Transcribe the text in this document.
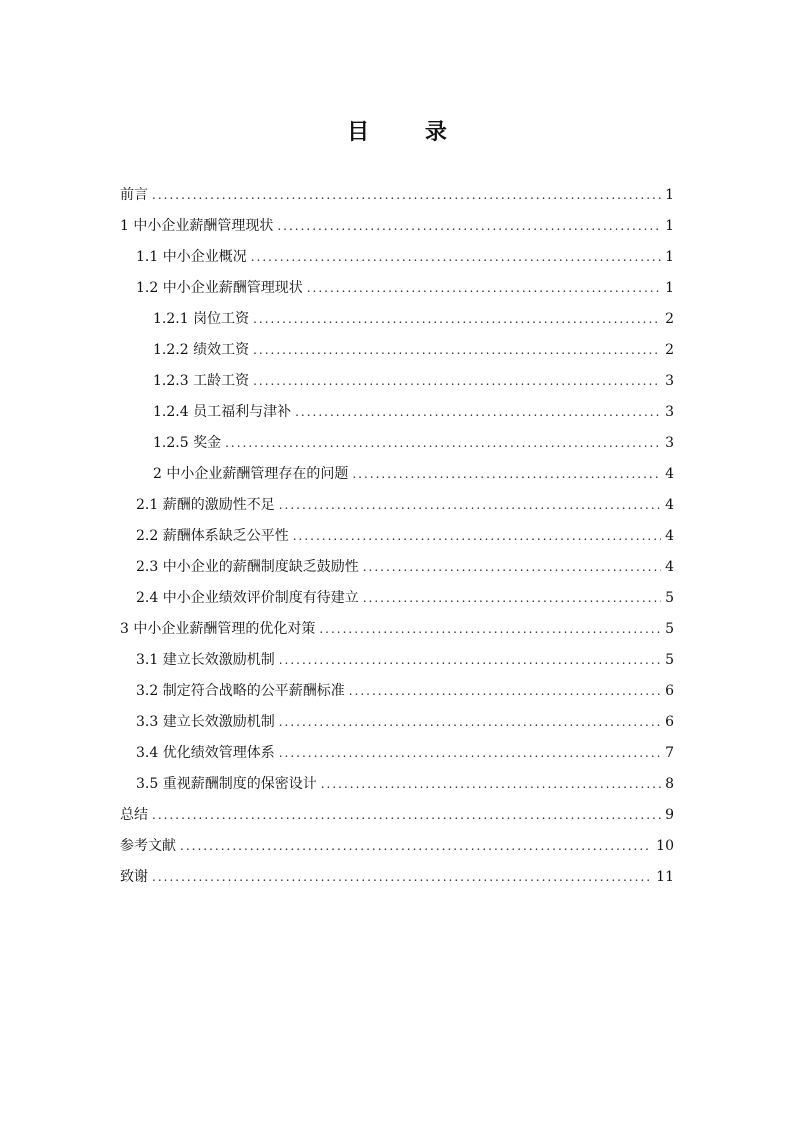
目 录
前言 .....	1
1 中小企业薪酬管理现状 .....	1
1.1 中小企业概况 .....	1
1.2 中小企业薪酬管理现状 .....	1
1.2.1 岗位工资 .....	2
1.2.2 绩效工资 .....	2
1.2.3 工龄工资 .....	3
1.2.4 员工福利与津补 .....	3
1.2.5 奖金 .....	3
2 中小企业薪酬管理存在的问题 .....	4
2.1 薪酬的激励性不足 .....	4
2.2 薪酬体系缺乏公平性 .....	4
2.3 中小企业的薪酬制度缺乏鼓励性 .....	4
2.4 中小企业绩效评价制度有待建立 .....	5
3 中小企业薪酬管理的优化对策 .....	5
3.1 建立长效激励机制 .....	5
3.2 制定符合战略的公平薪酬标准 .....	6
3.3 建立长效激励机制 .....	6
3.4 优化绩效管理体系 .....	7
3.5 重视薪酬制度的保密设计 .....	8
总结 .....	9
参考文献 .....	10
致谢 .....	11
